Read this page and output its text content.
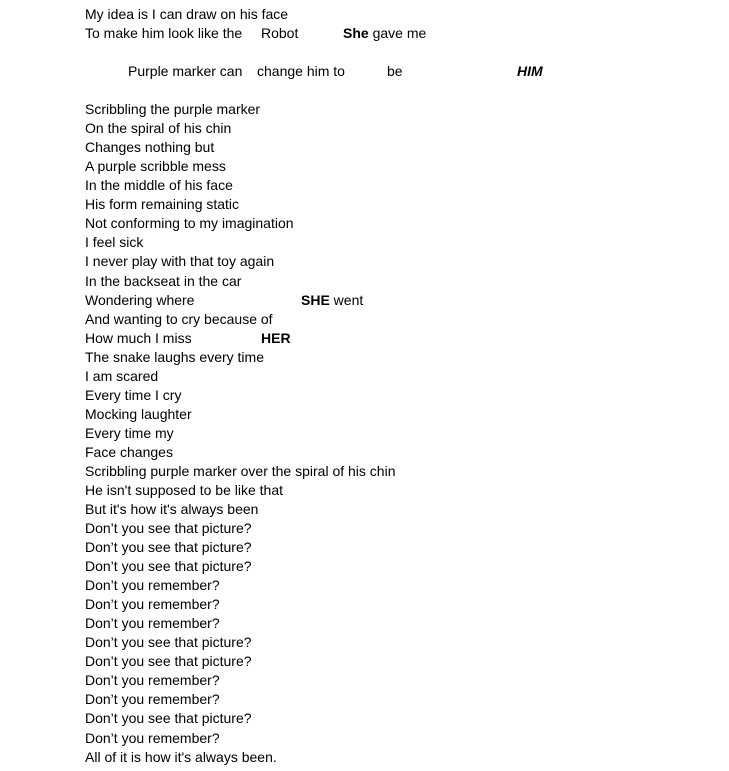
My idea is I can draw on his face

To make him look like the

Robot

	She gave me

Purple marker can

change him to

	be

	HIM

Scribbling the purple marker
On the spiral of his chin
Changes nothing but
A purple scribble mess
In the middle of his face
His form remaining static
Not conforming to my imagination
I feel sick
I never play with that toy again
In the backseat in the car

Wondering where

	SHE went

And wanting to cry because of

How much I miss

	HER

The snake laughs every time
I am scared
Every time I cry
Mocking laughter
Every time my
Face changes
Scribbling purple marker over the spiral of his chin
He isn't supposed to be like that
But it's how it's always been
Don’t you see that picture?
Don’t you see that picture?
Don’t you see that picture?
Don’t you remember?
Don’t you remember?
Don’t you remember?
Don’t you see that picture?
Don’t you see that picture?
Don’t you remember?
Don’t you remember?
Don’t you see that picture?
Don’t you remember?
All of it is how it's always been.
